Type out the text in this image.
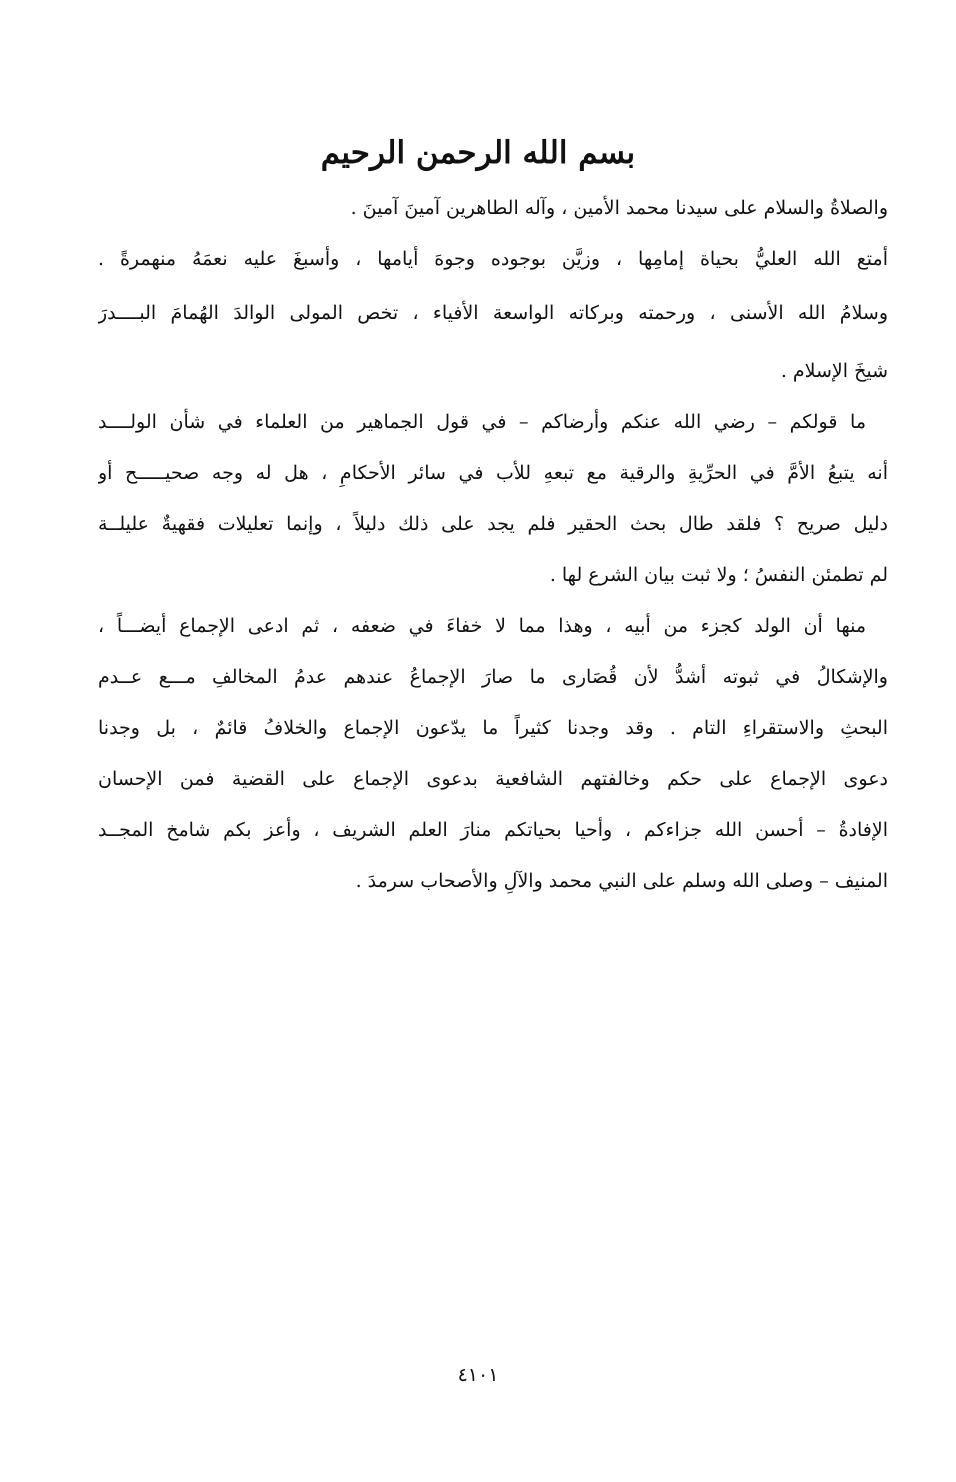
بسم الله الرحمن الرحيم
والصلاةُ والسلام على سيدنا محمد الأمين ، وآله الطاهرين آمينَ آمينَ .
أمتع الله العليُّ بحياة إمامِها ، وزيَّن بوجوده وجوهَ أيامها ، وأسبغَ عليه نعمَهُ منهمرةً .
وسلامُ الله الأسنى ، ورحمته وبركاته الواسعة الأفياء ، تخص المولى الوالدَ الهُمامَ البــــدرَ
شيخَ الإسلام .
ما قولكم – رضي الله عنكم وأرضاكم – في قول الجماهير من العلماء في شأن الولــــد
أنه يتبعُ الأمَّ في الحرِّيةِ والرقية مع تبعهِ للأب في سائر الأحكامِ ، هل له وجه صحيـــــح أو
دليل صريح ؟ فلقد طال بحث الحقير فلم يجد على ذلك دليلاً ، وإنما تعليلات فقهيةٌ عليلــة
لم تطمئن النفسُ ؛ ولا ثبت بيان الشرع لها .
منها أن الولد كجزء من أبيه ، وهذا مما لا خفاءَ في ضعفه ، ثم ادعى الإجماع أيضـــاً ،
والإشكالُ في ثبوته أشدُّ لأن قُصَارى ما صارَ الإجماعُ عندهم عدمُ المخالفِ مـــع عــدم
البحثِ والاستقراءِ التام . وقد وجدنا كثيراً ما يدّعون الإجماع والخلافُ قائمٌ ، بل وجدنا
دعوى الإجماع على حكم وخالفتهم الشافعية بدعوى الإجماع على القضية فمن الإحسان
الإفادةُ – أحسن الله جزاءكم ، وأحيا بحياتكم منارَ العلم الشريف ، وأعز بكم شامخ المجــد
المنيف – وصلى الله وسلم على النبي محمد والآلِ والأصحاب سرمدَ .
٤١٠١
